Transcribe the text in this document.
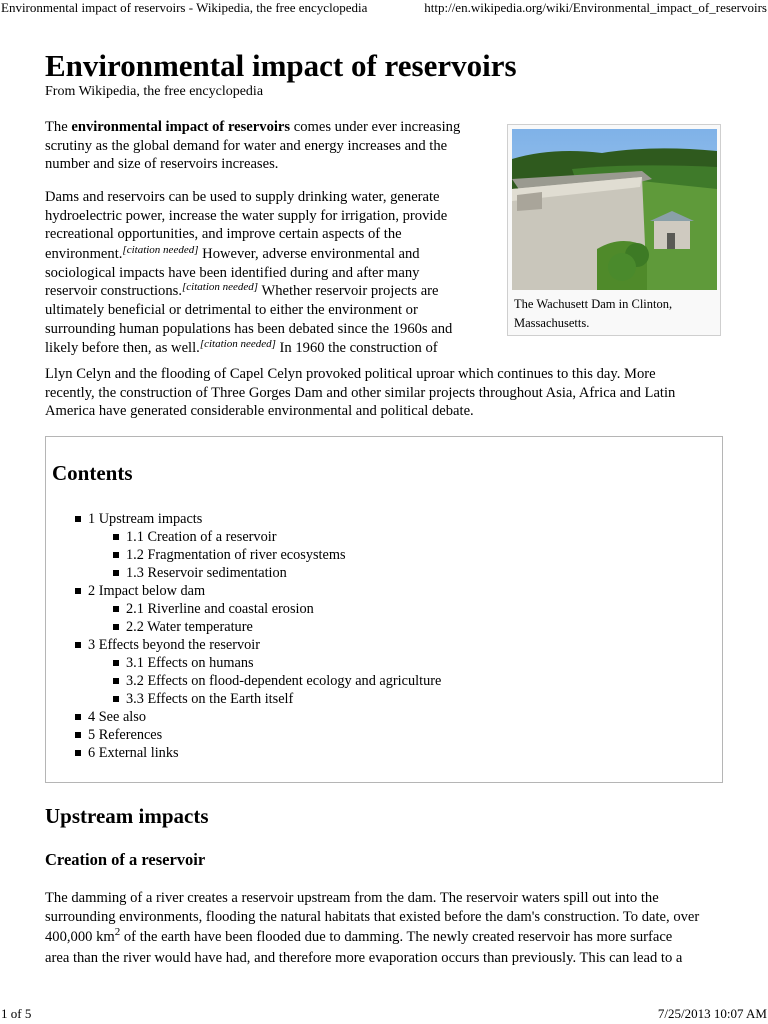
Environmental impact of reservoirs - Wikipedia, the free encyclopedia	http://en.wikipedia.org/wiki/Environmental_impact_of_reservoirs
Environmental impact of reservoirs
From Wikipedia, the free encyclopedia
The environmental impact of reservoirs comes under ever increasing
scrutiny as the global demand for water and energy increases and the
number and size of reservoirs increases.
Dams and reservoirs can be used to supply drinking water, generate
hydroelectric power, increase the water supply for irrigation, provide
recreational opportunities, and improve certain aspects of the
environment.[citation needed] However, adverse environmental and
sociological impacts have been identified during and after many
reservoir constructions.[citation needed] Whether reservoir projects are
ultimately beneficial or detrimental to either the environment or
surrounding human populations has been debated since the 1960s and
likely before then, as well.[citation needed] In 1960 the construction of
Llyn Celyn and the flooding of Capel Celyn provoked political uproar which continues to this day. More
recently, the construction of Three Gorges Dam and other similar projects throughout Asia, Africa and Latin
America have generated considerable environmental and political debate.
The Wachusett Dam in Clinton,
Massachusetts.
Contents
1 Upstream impacts
1.1 Creation of a reservoir
1.2 Fragmentation of river ecosystems
1.3 Reservoir sedimentation
2 Impact below dam
2.1 Riverline and coastal erosion
2.2 Water temperature
3 Effects beyond the reservoir
3.1 Effects on humans
3.2 Effects on flood-dependent ecology and agriculture
3.3 Effects on the Earth itself
4 See also
5 References
6 External links
Upstream impacts
Creation of a reservoir
The damming of a river creates a reservoir upstream from the dam. The reservoir waters spill out into the
surrounding environments, flooding the natural habitats that existed before the dam's construction. To date, over
400,000 $km^2$ of the earth have been flooded due to damming. The newly created reservoir has more surface
area than the river would have had, and therefore more evaporation occurs than previously. This can lead to a
1 of 5	7/25/2013 10:07 AM
